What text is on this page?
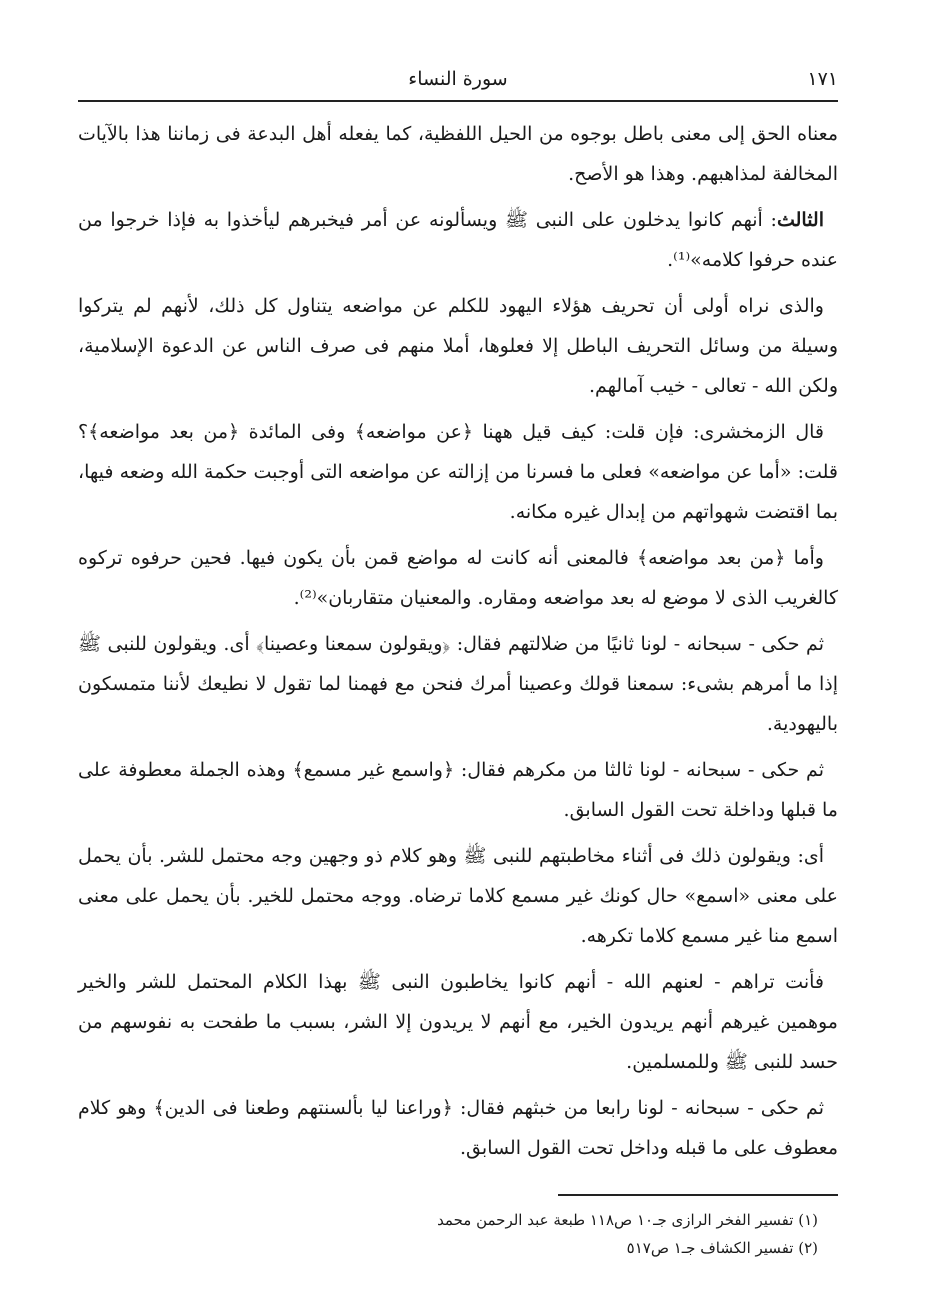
١٧١
سورة النساء

معناه الحق إلى معنى باطل بوجوه من الحيل اللفظية، كما يفعله أهل البدعة فى زماننا هذا بالآيات المخالفة لمذاهبهم. وهذا هو الأصح.

الثالث: أنهم كانوا يدخلون على النبى ﷺ ويسألونه عن أمر فيخبرهم ليأخذوا به فإذا خرجوا من عنده حرفوا كلامه»⁽¹⁾.

والذى نراه أولى أن تحريف هؤلاء اليهود للكلم عن مواضعه يتناول كل ذلك، لأنهم لم يتركوا وسيلة من وسائل التحريف الباطل إلا فعلوها، أملا منهم فى صرف الناس عن الدعوة الإسلامية، ولكن الله - تعالى - خيب آمالهم.

قال الزمخشرى: فإن قلت: كيف قيل ههنا ﴿عن مواضعه﴾ وفى المائدة ﴿من بعد مواضعه﴾؟ قلت: «أما عن مواضعه» فعلى ما فسرنا من إزالته عن مواضعه التى أوجبت حكمة الله وضعه فيها، بما اقتضت شهواتهم من إبدال غيره مكانه.

وأما ﴿من بعد مواضعه﴾ فالمعنى أنه كانت له مواضع قمن بأن يكون فيها. فحين حرفوه تركوه كالغريب الذى لا موضع له بعد مواضعه ومقاره. والمعنيان متقاربان»⁽²⁾.

ثم حكى - سبحانه - لونا ثانيًا من ضلالتهم فقال: ﴿ويقولون سمعنا وعصينا﴾ أى. ويقولون للنبى ﷺ إذا ما أمرهم بشىء: سمعنا قولك وعصينا أمرك فنحن مع فهمنا لما تقول لا نطيعك لأننا متمسكون باليهودية.

ثم حكى - سبحانه - لونا ثالثا من مكرهم فقال: ﴿واسمع غير مسمع﴾ وهذه الجملة معطوفة على ما قبلها وداخلة تحت القول السابق.

أى: ويقولون ذلك فى أثناء مخاطبتهم للنبى ﷺ وهو كلام ذو وجهين وجه محتمل للشر. بأن يحمل على معنى «اسمع» حال كونك غير مسمع كلاما ترضاه. ووجه محتمل للخير. بأن يحمل على معنى اسمع منا غير مسمع كلاما تكرهه.

فأنت تراهم - لعنهم الله - أنهم كانوا يخاطبون النبى ﷺ بهذا الكلام المحتمل للشر والخير موهمين غيرهم أنهم يريدون الخير، مع أنهم لا يريدون إلا الشر، بسبب ما طفحت به نفوسهم من حسد للنبى ﷺ وللمسلمين.

ثم حكى - سبحانه - لونا رابعا من خبثهم فقال: ﴿وراعنا ليا بألسنتهم وطعنا فى الدين﴾ وهو كلام معطوف على ما قبله وداخل تحت القول السابق.

(١) تفسير الفخر الرازى جـ١٠ ص١١٨ طبعة عبد الرحمن محمد
(٢) تفسير الكشاف جـ١ ص٥١٧
